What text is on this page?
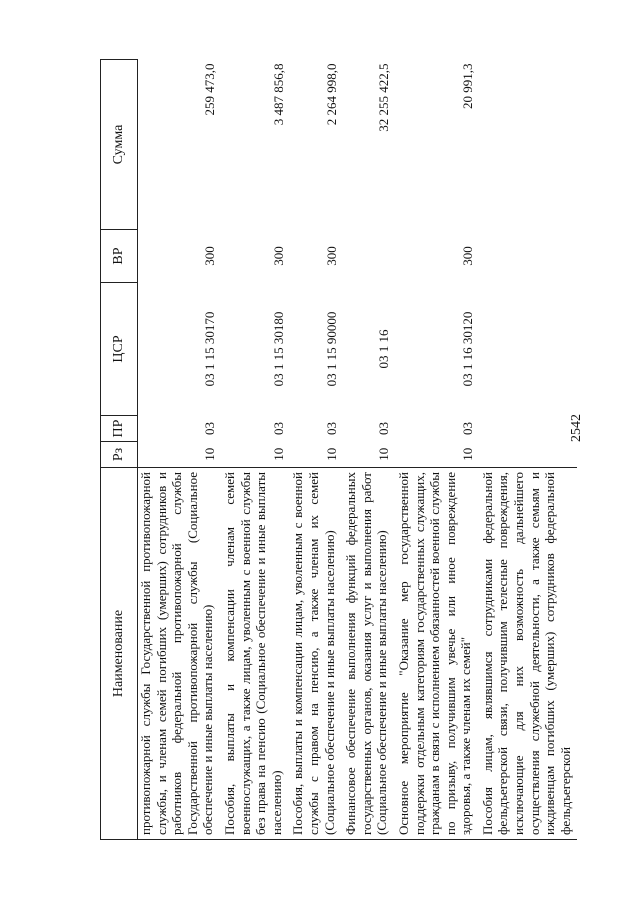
2542
Наименование	Рз	ПР	ЦСР	ВР	Сумма
противопожарной службы Государственной противопожарной службы, и членам семей погибших (умерших) сотрудников и работников федеральной противопожарной службы Государственной противопожарной службы (Социальное обеспечение и иные выплаты населению)	10	03	03 1 15 30170	300	259 473,0
Пособия, выплаты и компенсации членам семей военнослужащих, а также лицам, уволенным с военной службы без права на пенсию (Социальное обеспечение и иные выплаты населению)	10	03	03 1 15 30180	300	3 487 856,8
Пособия, выплаты и компенсации лицам, уволенным с военной службы с правом на пенсию, а также членам их семей (Социальное обеспечение и иные выплаты населению)	10	03	03 1 15 90000	300	2 264 998,0
Финансовое обеспечение выполнения функций федеральных государственных органов, оказания услуг и выполнения работ (Социальное обеспечение и иные выплаты населению)	10	03	03 1 16		32 255 422,5
Основное мероприятие "Оказание мер государственной поддержки отдельным категориям государственных служащих, гражданам в связи с исполнением обязанностей военной службы по призыву, получившим увечье или иное повреждение здоровья, а также членам их семей"	10	03	03 1 16 30120	300	20 991,3
Пособия лицам, являвшимся сотрудниками федеральной фельдъегерской связи, получившим телесные повреждения, исключающие для них возможность дальнейшего осуществления служебной деятельности, а также семьям и иждивенцам погибших (умерших) сотрудников федеральной фельдъегерской					
